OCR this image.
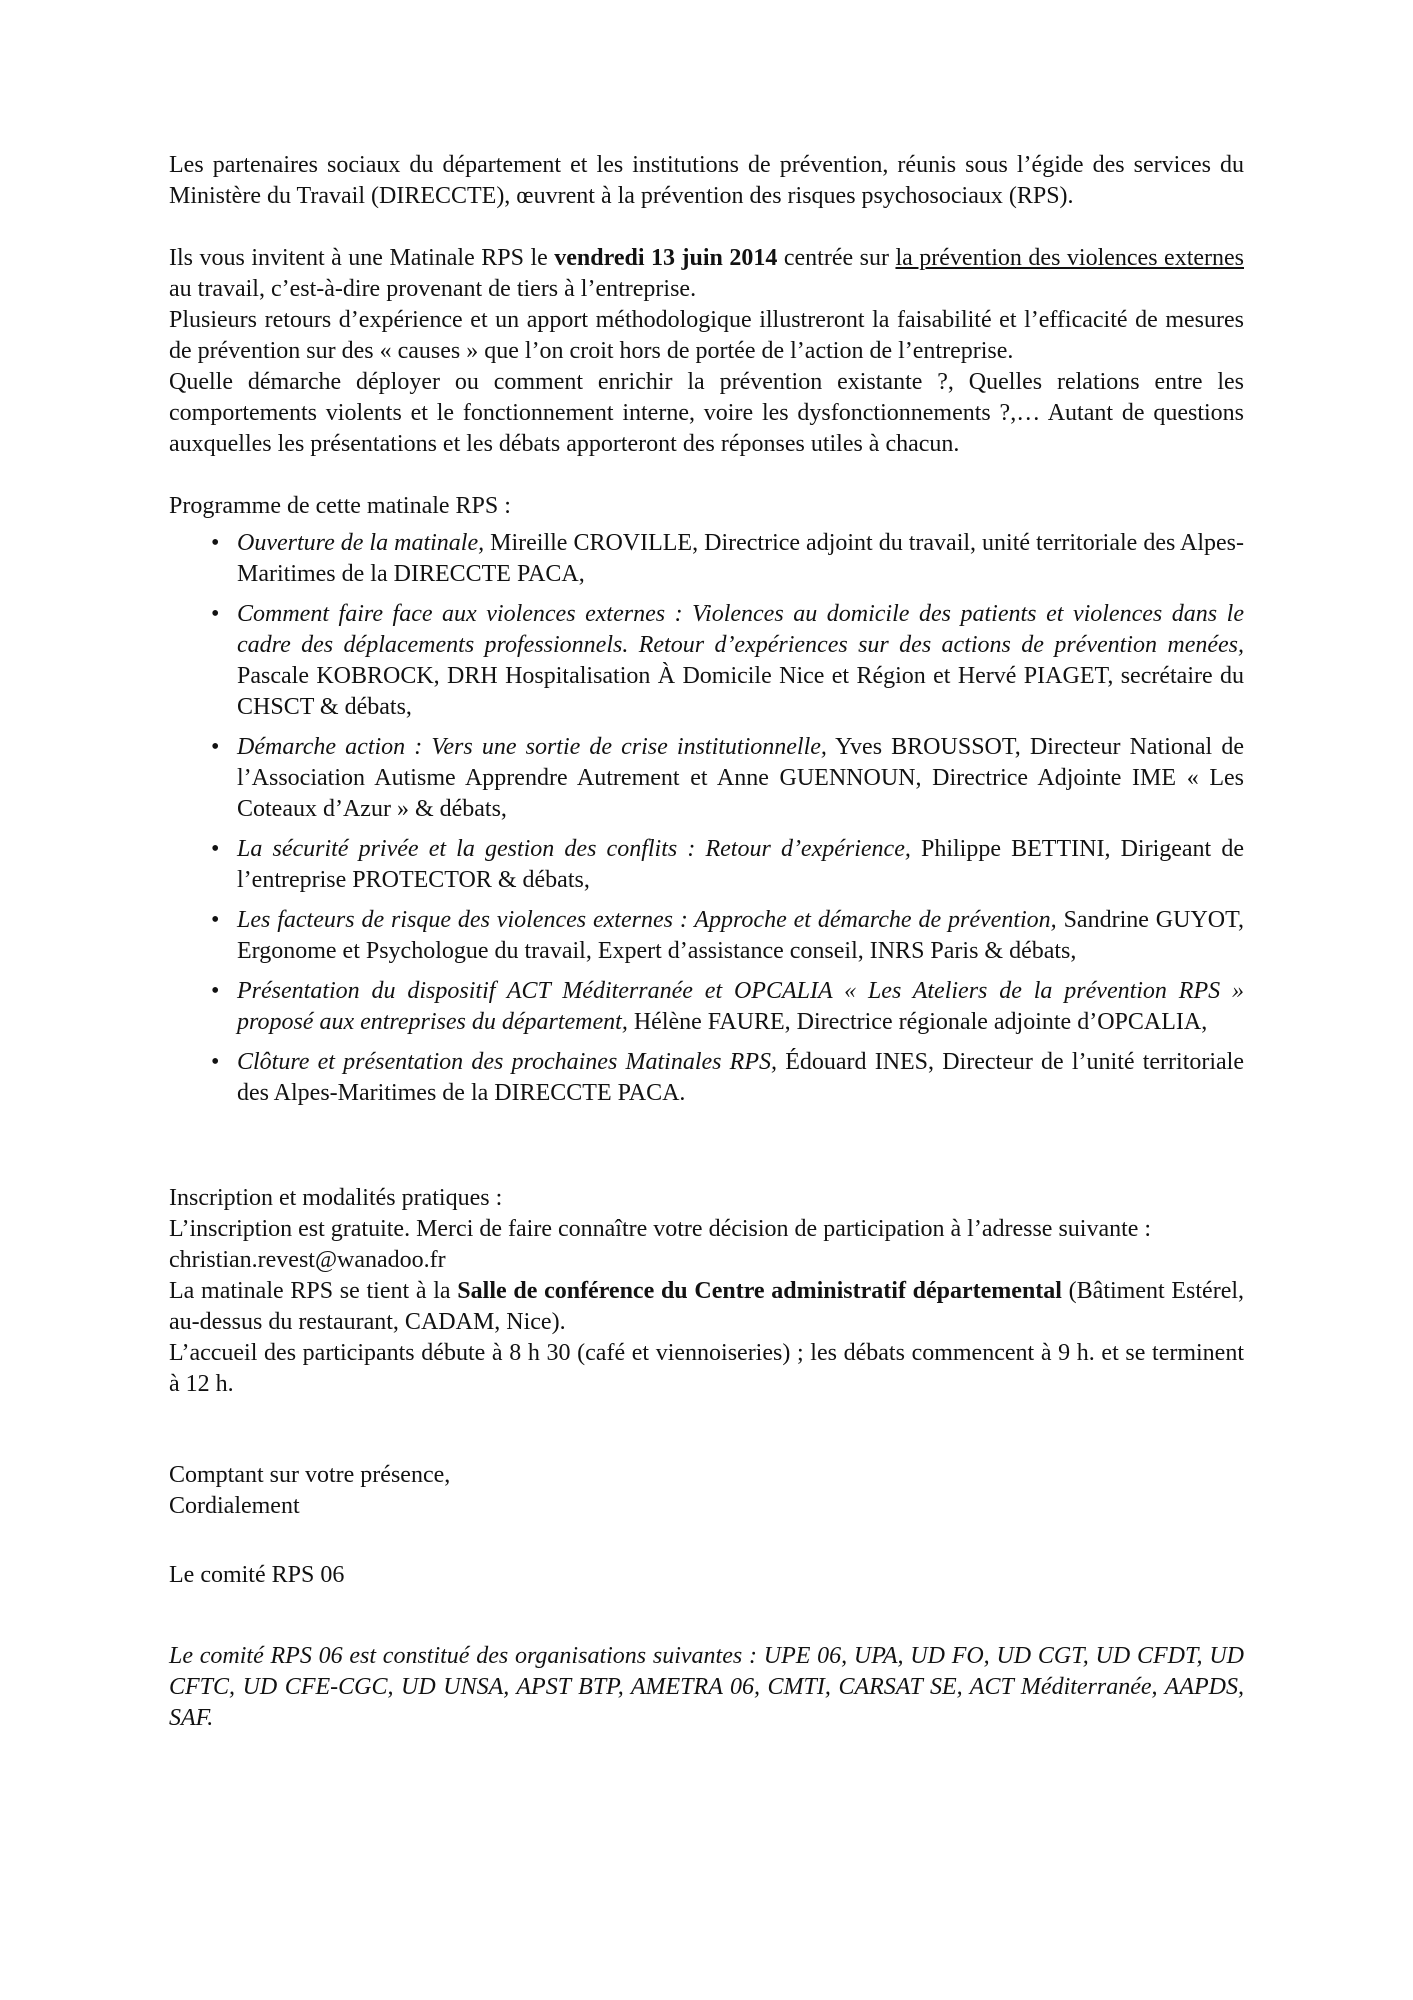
Les partenaires sociaux du département et les institutions de prévention, réunis sous l’égide des services du Ministère du Travail (DIRECCTE), œuvrent à la prévention des risques psychosociaux (RPS).

Ils vous invitent à une Matinale RPS le vendredi 13 juin 2014 centrée sur la prévention des violences externes au travail, c’est-à-dire provenant de tiers à l’entreprise.

Plusieurs retours d’expérience et un apport méthodologique illustreront la faisabilité et l’efficacité de mesures de prévention sur des « causes » que l’on croit hors de portée de l’action de l’entreprise.

Quelle démarche déployer ou comment enrichir la prévention existante ?, Quelles relations entre les comportements violents et le fonctionnement interne, voire les dysfonctionnements ?,… Autant de questions auxquelles les présentations et les débats apporteront des réponses utiles à chacun.

Programme de cette matinale RPS :

• Ouverture de la matinale, Mireille CROVILLE, Directrice adjoint du travail, unité territoriale des Alpes-Maritimes de la DIRECCTE PACA,
• Comment faire face aux violences externes : Violences au domicile des patients et violences dans le cadre des déplacements professionnels. Retour d’expériences sur des actions de prévention menées, Pascale KOBROCK, DRH Hospitalisation À Domicile Nice et Région et Hervé PIAGET, secrétaire du CHSCT & débats,
• Démarche action : Vers une sortie de crise institutionnelle, Yves BROUSSOT, Directeur National de l’Association Autisme Apprendre Autrement et Anne GUENNOUN, Directrice Adjointe IME « Les Coteaux d’Azur » & débats,
• La sécurité privée et la gestion des conflits : Retour d’expérience, Philippe BETTINI, Dirigeant de l’entreprise PROTECTOR & débats,
• Les facteurs de risque des violences externes : Approche et démarche de prévention, Sandrine GUYOT, Ergonome et Psychologue du travail, Expert d’assistance conseil, INRS Paris & débats,
• Présentation du dispositif ACT Méditerranée et OPCALIA « Les Ateliers de la prévention RPS » proposé aux entreprises du département, Hélène FAURE, Directrice régionale adjointe d’OPCALIA,
• Clôture et présentation des prochaines Matinales RPS, Édouard INES, Directeur de l’unité territoriale des Alpes-Maritimes de la DIRECCTE PACA.

Inscription et modalités pratiques :

L’inscription est gratuite. Merci de faire connaître votre décision de participation à l’adresse suivante :

christian.revest@wanadoo.fr

La matinale RPS se tient à la Salle de conférence du Centre administratif départemental (Bâtiment Estérel, au-dessus du restaurant, CADAM, Nice).

L’accueil des participants débute à 8 h 30 (café et viennoiseries) ; les débats commencent à 9 h. et se terminent à 12 h.

Comptant sur votre présence,

Cordialement

Le comité RPS 06

Le comité RPS 06 est constitué des organisations suivantes : UPE 06, UPA, UD FO, UD CGT, UD CFDT, UD CFTC, UD CFE-CGC, UD UNSA, APST BTP, AMETRA 06, CMTI, CARSAT SE, ACT Méditerranée, AAPDS, SAF.
